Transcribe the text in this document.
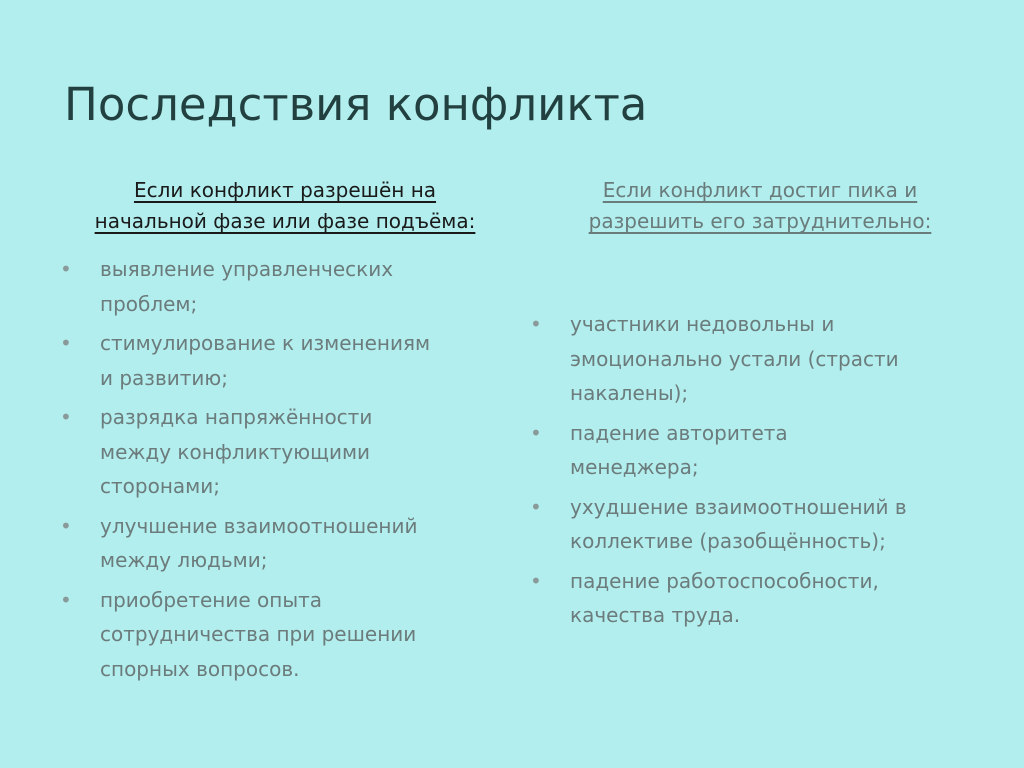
Последствия конфликта
Если конфликт разрешён на
начальной фазе или фазе подъёма:
• выявление управленческих
проблем;
• стимулирование к изменениям
и развитию;
• разрядка напряжённости
между конфликтующими
сторонами;
• улучшение взаимоотношений
между людьми;
• приобретение опыта
сотрудничества при решении
спорных вопросов.
Если конфликт достиг пика и
разрешить его затруднительно:
• участники недовольны и
эмоционально устали (страсти
накалены);
• падение авторитета
менеджера;
• ухудшение взаимоотношений в
коллективе (разобщённость);
• падение работоспособности,
качества труда.
